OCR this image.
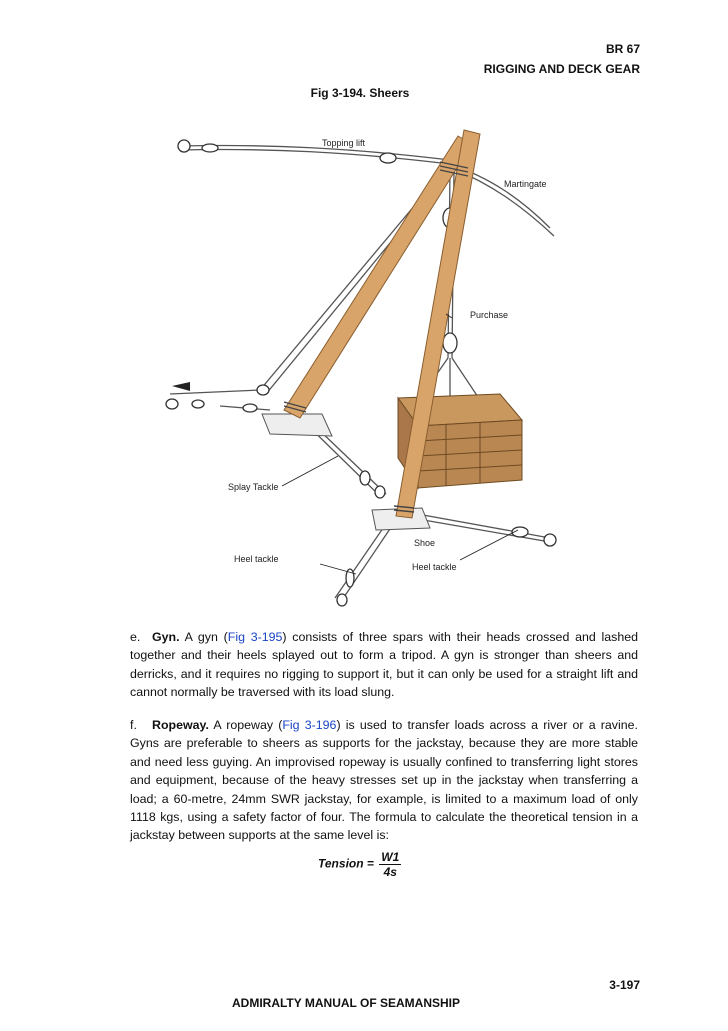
BR 67
RIGGING AND DECK GEAR
Fig 3-194. Sheers
Topping lift
Martingate
Purchase
Splay Tackle
Shoe
Heel tackle
Heel tackle
e. Gyn. A gyn (Fig 3-195) consists of three spars with their heads crossed and lashed together and their heels splayed out to form a tripod. A gyn is stronger than sheers and derricks, and it requires no rigging to support it, but it can only be used for a straight lift and cannot normally be traversed with its load slung.
f. Ropeway. A ropeway (Fig 3-196) is used to transfer loads across a river or a ravine. Gyns are preferable to sheers as supports for the jackstay, because they are more stable and need less guying. An improvised ropeway is usually confined to transferring light stores and equipment, because of the heavy stresses set up in the jackstay when transferring a load; a 60-metre, 24mm SWR jackstay, for example, is limited to a maximum load of only 1118 kgs, using a safety factor of four. The formula to calculate the theoretical tension in a jackstay between supports at the same level is:
Tension = $\frac{W1}{4s}$
3-197
ADMIRALTY MANUAL OF SEAMANSHIP
